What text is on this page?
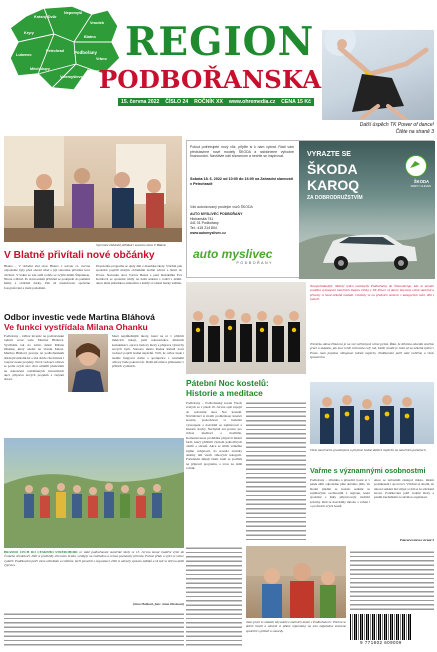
Krásný Dvůr
Nepomyšl
Vroutek
Kryry
Blatno
Lubenec
Petrohrad Podbořany
Vrbno
Měcholupy
Velemyšleves
Pšov
REGION
PODBOŘANSKA
15. června 2022 ČÍSLO 24 ROČNÍK XX www.ohremedia.cz CENA 15 Kč
Další úspěch TK Power of dance!
Čtěte na straně 3
Vymírání občánků přihlásil i severku obce V Blatně
V Blatně přivítali nové občánky
Blatno – V obřadní síni obce Blatno v sobotu 11. června odpoledne byly před obecní úřad a její starostku přivítáni noví občánci. V lednu se zde sešli rodiče se svými dětmi Štěpánkou, Ninou a Marií. Po slavnostním přivítání se podepsali do pamětní knihy a obdrželi dárky. Pak už následovalo společné fotografování a malé pohoštění.
Dopoledne programu se ujaly děti z mateřské školy. Všichni pak společně popřáli malým občánkům hodně zdraví a štěstí do života. Starostka obce Václav Beneš a paní matrikářka Eva Kolářová se společně těšily na další setkání s rodiči i dětmi. Akce měla přátelskou atmosféru a každý si odnesl hezký zážitek.
Odbor investic vede Martina Bláhová
Ve funkci vystřídala Milana Ohanku
Podbořany – Odbor investic na podbořanské radnici nově vede Martina Bláhová. Vystřídala tak na tomto místě Milana Ohanku, který odešel na vlastní žádost. Martina Bláhová pracuje na podbořanském úřadu již několik let a zná dobře chod města i rozpracované projekty. Nová vedoucí odboru se podle svých slov chce zaměřit především na dokončení rozběhnutých investičních akcí, přípravu nových projektů a čerpání dotací.
Mezi nejdůležitější úkoly, které na ni v příštích měsících čekají, patří rekonstrukce místních komunikací, oprava budovy školy a příprava výstavby nových bytů. Starosta města Radek Reindl nové vedoucí popřál hodně úspěchů. Věří, že odbor bude i nadále fungovat dobře a spolupráce s ostatními odbory bude pokračovat. Další informace přineseme v příštích vydáních.
BRANDO CECH DO CESKEHO STREDOHORI ve státě podbořanské mateřské školy se 13. června konal tradiční výlet do Českého středohoří. Děti si prohlédly zříceninu hradu, vyšláply na rozhlednu a cestou poznávaly přírodu. Počasí přálo a výlet se velice vydařil. Poděkování patří všem učitelkám a rodičům, kteří pomohli s organizací. Děti si odvezly spoustu zážitků a už teď se těší na další výpravu.
(Jana Holková, foto: Anna Hosmová)
Pokud potřebujete nový vůz, přijďte si k nám vybrat. Rádi vám představíme nové modely ŠKODA a nabídneme výhodné financování. Navštivte náš showroom a nechte se inspirovat.
Sobota 18. 6. 2022 od 10:00 do 16:00 na Zahradní slavnosti v Petrohradě
Váš autorizovaný prodejce vozů ŠKODA
AUTO MYSLIVEC PODBOŘANY
Hlubanská 741
441 01 Podbořany
Tel.: 415 214 804
www.automyslivec.cz
auto myslivec
PODBOŘANY
VYRAZTE SE
ŠKODA
KAROQ
ZA DOBRODRUŽSTVÍM
ŠKODA
SIMPLY CLEVER
Neuspořádanější. Minulý týden nastoupily Podbořanky do Wiesenbergu, kde se konalo soutěžní vystoupení tanečních skupin. Dívky z TK Power of dance bojovaly velmi statečně a přivezly si hned několik medailí. Umístily se na předních místech v kategoriích mini, děti i junioři.
Trenérka Alena Pokorná je na své svěřenkyně velmi pyšná. Říká, že děvčata odvedla skvělou práci a ukázala, jak moc tvrdě trénovala celý rok. Další soutěž je čeká už za několik týdnů v Praze, kam pojedou obhajovat loňské úspěchy. Poděkování patří také rodičům a všem sponzorům.
Všem tanečnicím gratulujeme a přejeme hodně dalších úspěchů na tanečních parketech.
Pátební Noc kostelů:
Historie a meditace
Podbořany – Podbořanský kostel Všech svatých se v pátek 10. června opět zapojil do celostátní akce Noc kostelů. Návštěvníci si mohli prohlédnout interiér kostela, poslechnout si hudební vystoupení a dozvědět se zajímavosti z historie stavby. Nechyběl ani prostor pro tichou meditaci a modlitbu. Komentovanou prohlídku připravil místní farář, který přiblížil význam jednotlivých oltářů a obrazů. Akce se těšila velkému zájmu veřejnosti, do kostela zavítaly desítky lidí všech věkových kategorií. Pořadatelé děkují všem, kteří se podíleli na přípravě programu, a zvou na další ročník.	Vařme s významnými osobnostmi
Podbořany – Obsluha a přísedící hosté si v pátek užili odpoledne plné dobrého jídla. Ve školní jídelně se konalo setkání se zajímavými osobnostmi z regionu, které společně s žáky připravovaly tradiční pokrmy. Děti se dozvěděly mnoho o vaření i o profesích svých hostů.
Akce se zúčastnili zástupci města, místní podnikatelé i sportovci. Všichni se shodli, že takové setkání má smysl a rádi se ho zúčastní znovu. Poděkování patří vedení školy a paním kuchařkám za skvělou organizaci.
Pokračování na straně 5
Jako první se ukázali obyvatelé z okolních domů v Podbořanech. Všichni se dobře bavili a odnesli si pěkné vzpomínky na toto odpoledne strávené společně s přáteli a sousedy.
9 771802 609009
